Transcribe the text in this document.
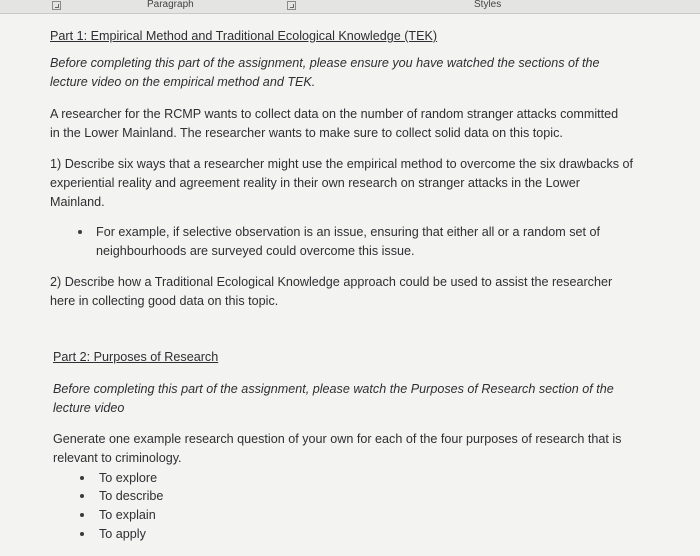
Paragraph	Styles

Part 1: Empirical Method and Traditional Ecological Knowledge (TEK)

Before completing this part of the assignment, please ensure you have watched the sections of the

lecture video on the empirical method and TEK.

A researcher for the RCMP wants to collect data on the number of random stranger attacks committed

in the Lower Mainland. The researcher wants to make sure to collect solid data on this topic.

1) Describe six ways that a researcher might use the empirical method to overcome the six drawbacks of

experiential reality and agreement reality in their own research on stranger attacks in the Lower

Mainland.

For example, if selective observation is an issue, ensuring that either all or a random set of

neighbourhoods are surveyed could overcome this issue.

2) Describe how a Traditional Ecological Knowledge approach could be used to assist the researcher

here in collecting good data on this topic.

Part 2: Purposes of Research

Before completing this part of the assignment, please watch the Purposes of Research section of the

lecture video

Generate one example research question of your own for each of the four purposes of research that is

relevant to criminology.

To explore

To describe

To explain

To apply
